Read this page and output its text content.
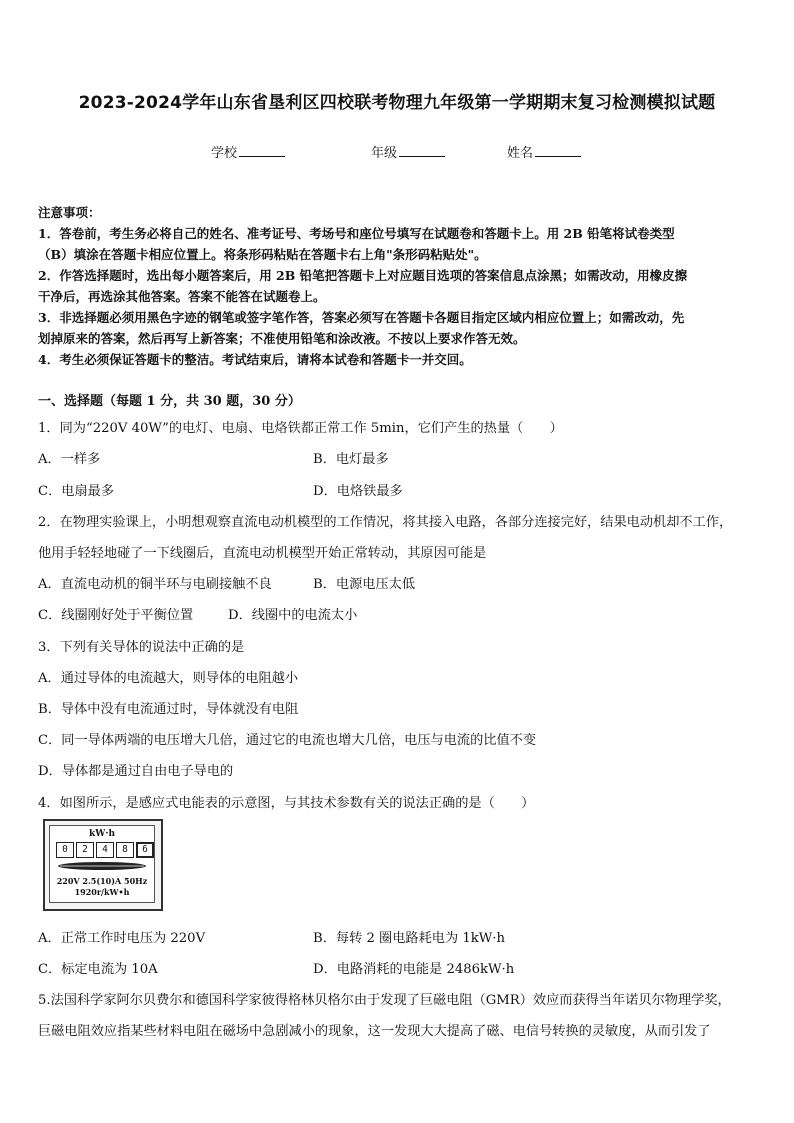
2023-2024学年山东省垦利区四校联考物理九年级第一学期期末复习检测模拟试题
学校	年级	姓名
注意事项：
1．答卷前，考生务必将自己的姓名、准考证号、考场号和座位号填写在试题卷和答题卡上。用 2B 铅笔将试卷类型
（B）填涂在答题卡相应位置上。将条形码粘贴在答题卡右上角"条形码粘贴处"。
2．作答选择题时，选出每小题答案后，用 2B 铅笔把答题卡上对应题目选项的答案信息点涂黑；如需改动，用橡皮擦
干净后，再选涂其他答案。答案不能答在试题卷上。
3．非选择题必须用黑色字迹的钢笔或签字笔作答，答案必须写在答题卡各题目指定区域内相应位置上；如需改动，先
划掉原来的答案，然后再写上新答案；不准使用铅笔和涂改液。不按以上要求作答无效。
4．考生必须保证答题卡的整洁。考试结束后，请将本试卷和答题卡一并交回。
一、选择题（每题 1 分，共 30 题，30 分）
1．同为“220V 40W”的电灯、电扇、电烙铁都正常工作 5min，它们产生的热量（　　）
A．一样多	B．电灯最多
C．电扇最多	D．电烙铁最多
2．在物理实验课上，小明想观察直流电动机模型的工作情况，将其接入电路，各部分连接完好，结果电动机却不工作，
他用手轻轻地碰了一下线圈后，直流电动机模型开始正常转动，其原因可能是
A．直流电动机的铜半环与电刷接触不良	B．电源电压太低
C．线圈刚好处于平衡位置	D．线圈中的电流太小
3．下列有关导体的说法中正确的是
A．通过导体的电流越大，则导体的电阻越小
B．导体中没有电流通过时，导体就没有电阻
C．同一导体两端的电压增大几倍，通过它的电流也增大几倍，电压与电流的比值不变
D．导体都是通过自由电子导电的
4．如图所示，是感应式电能表的示意图，与其技术参数有关的说法正确的是（　　）
kW·h
0	2	4	8	6
220V 2.5(10)A 50Hz
1920r/kW•h
A．正常工作时电压为 220V	B．每转 2 圈电路耗电为 1kW·h
C．标定电流为 10A	D．电路消耗的电能是 2486kW·h
5.法国科学家阿尔贝费尔和德国科学家彼得格林贝格尔由于发现了巨磁电阻（GMR）效应而获得当年诺贝尔物理学奖，
巨磁电阻效应指某些材料电阻在磁场中急剧减小的现象，这一发现大大提高了磁、电信号转换的灵敏度，从而引发了
